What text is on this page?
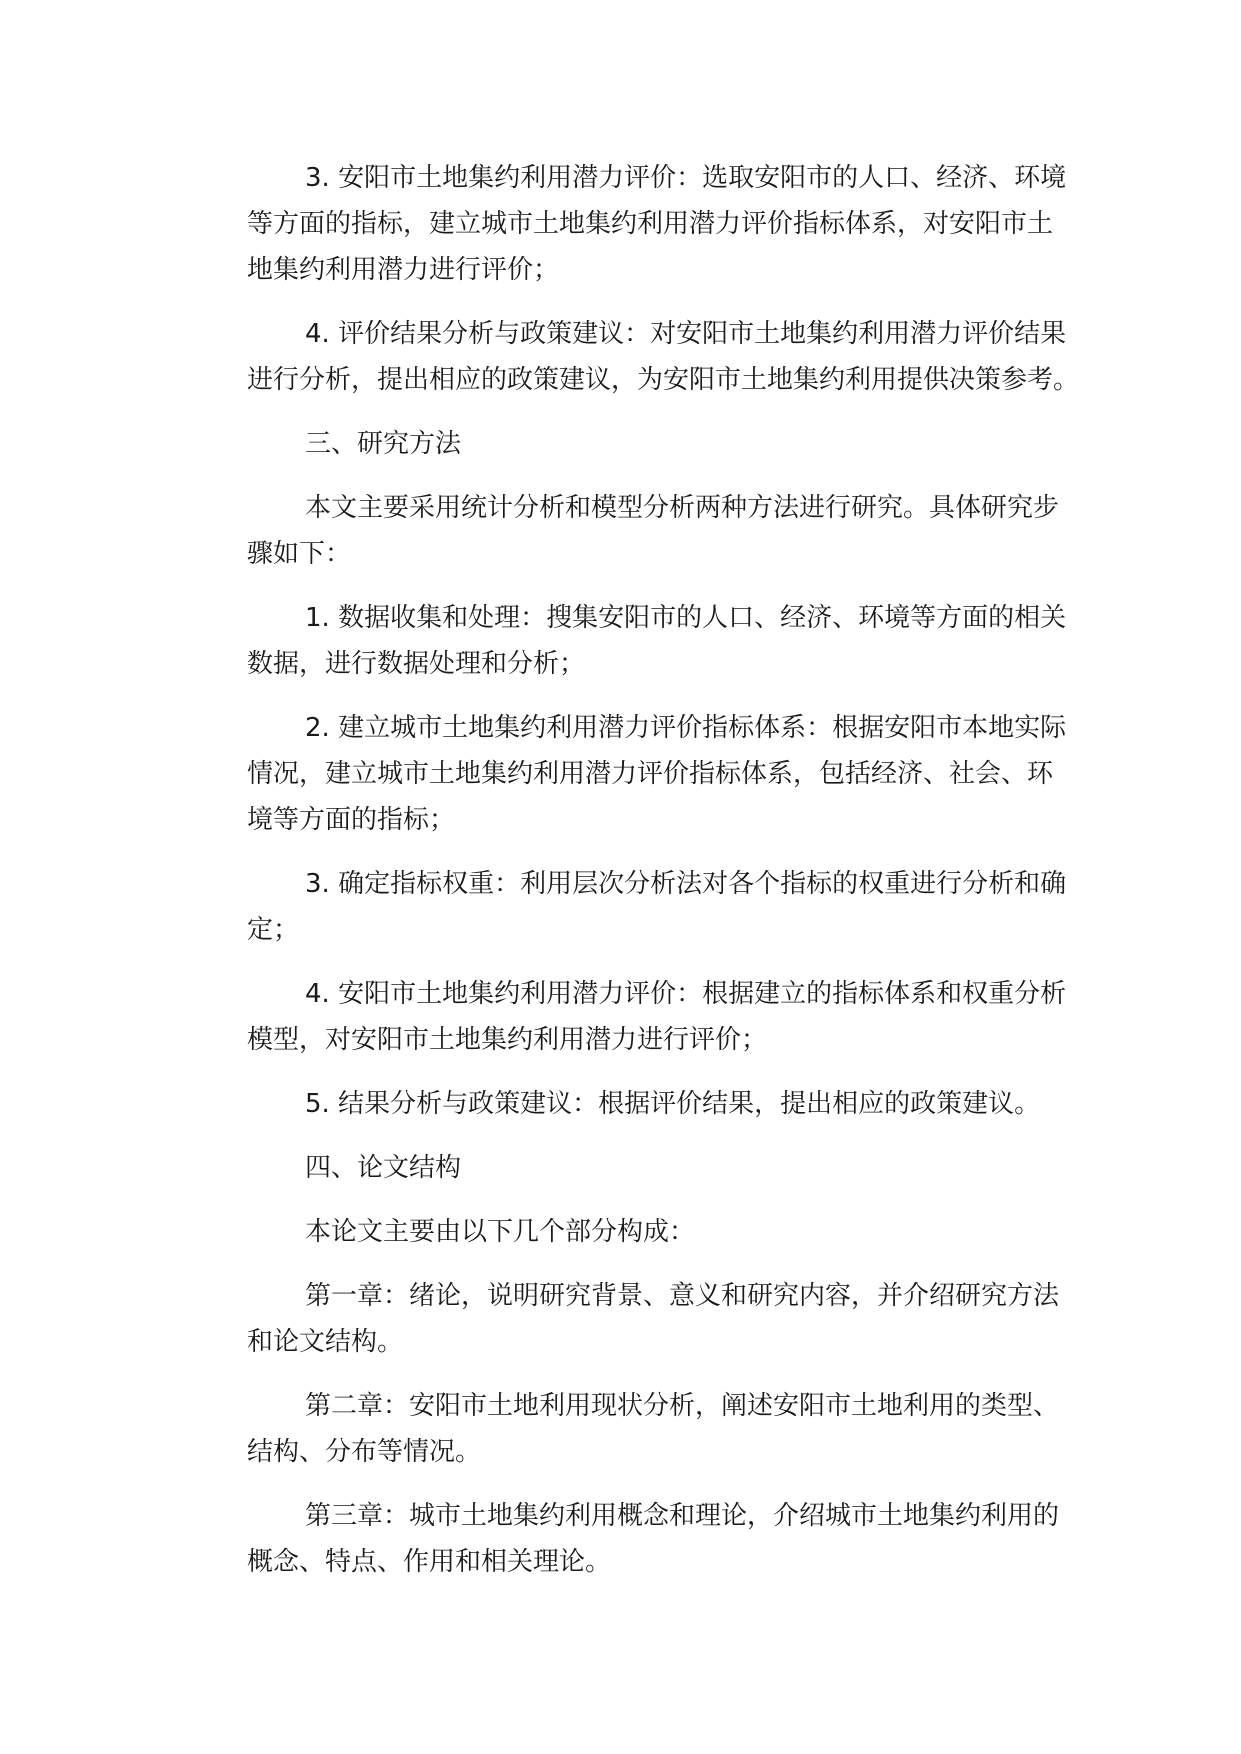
3. 安阳市土地集约利用潜力评价：选取安阳市的人口、经济、环境
等方面的指标，建立城市土地集约利用潜力评价指标体系，对安阳市土
地集约利用潜力进行评价；
4. 评价结果分析与政策建议：对安阳市土地集约利用潜力评价结果
进行分析，提出相应的政策建议，为安阳市土地集约利用提供决策参考。
三、研究方法
本文主要采用统计分析和模型分析两种方法进行研究。具体研究步
骤如下：
1. 数据收集和处理：搜集安阳市的人口、经济、环境等方面的相关
数据，进行数据处理和分析；
2. 建立城市土地集约利用潜力评价指标体系：根据安阳市本地实际
情况，建立城市土地集约利用潜力评价指标体系，包括经济、社会、环
境等方面的指标；
3. 确定指标权重：利用层次分析法对各个指标的权重进行分析和确
定；
4. 安阳市土地集约利用潜力评价：根据建立的指标体系和权重分析
模型，对安阳市土地集约利用潜力进行评价；
5. 结果分析与政策建议：根据评价结果，提出相应的政策建议。
四、论文结构
本论文主要由以下几个部分构成：
第一章：绪论，说明研究背景、意义和研究内容，并介绍研究方法
和论文结构。
第二章：安阳市土地利用现状分析，阐述安阳市土地利用的类型、
结构、分布等情况。
第三章：城市土地集约利用概念和理论，介绍城市土地集约利用的
概念、特点、作用和相关理论。
